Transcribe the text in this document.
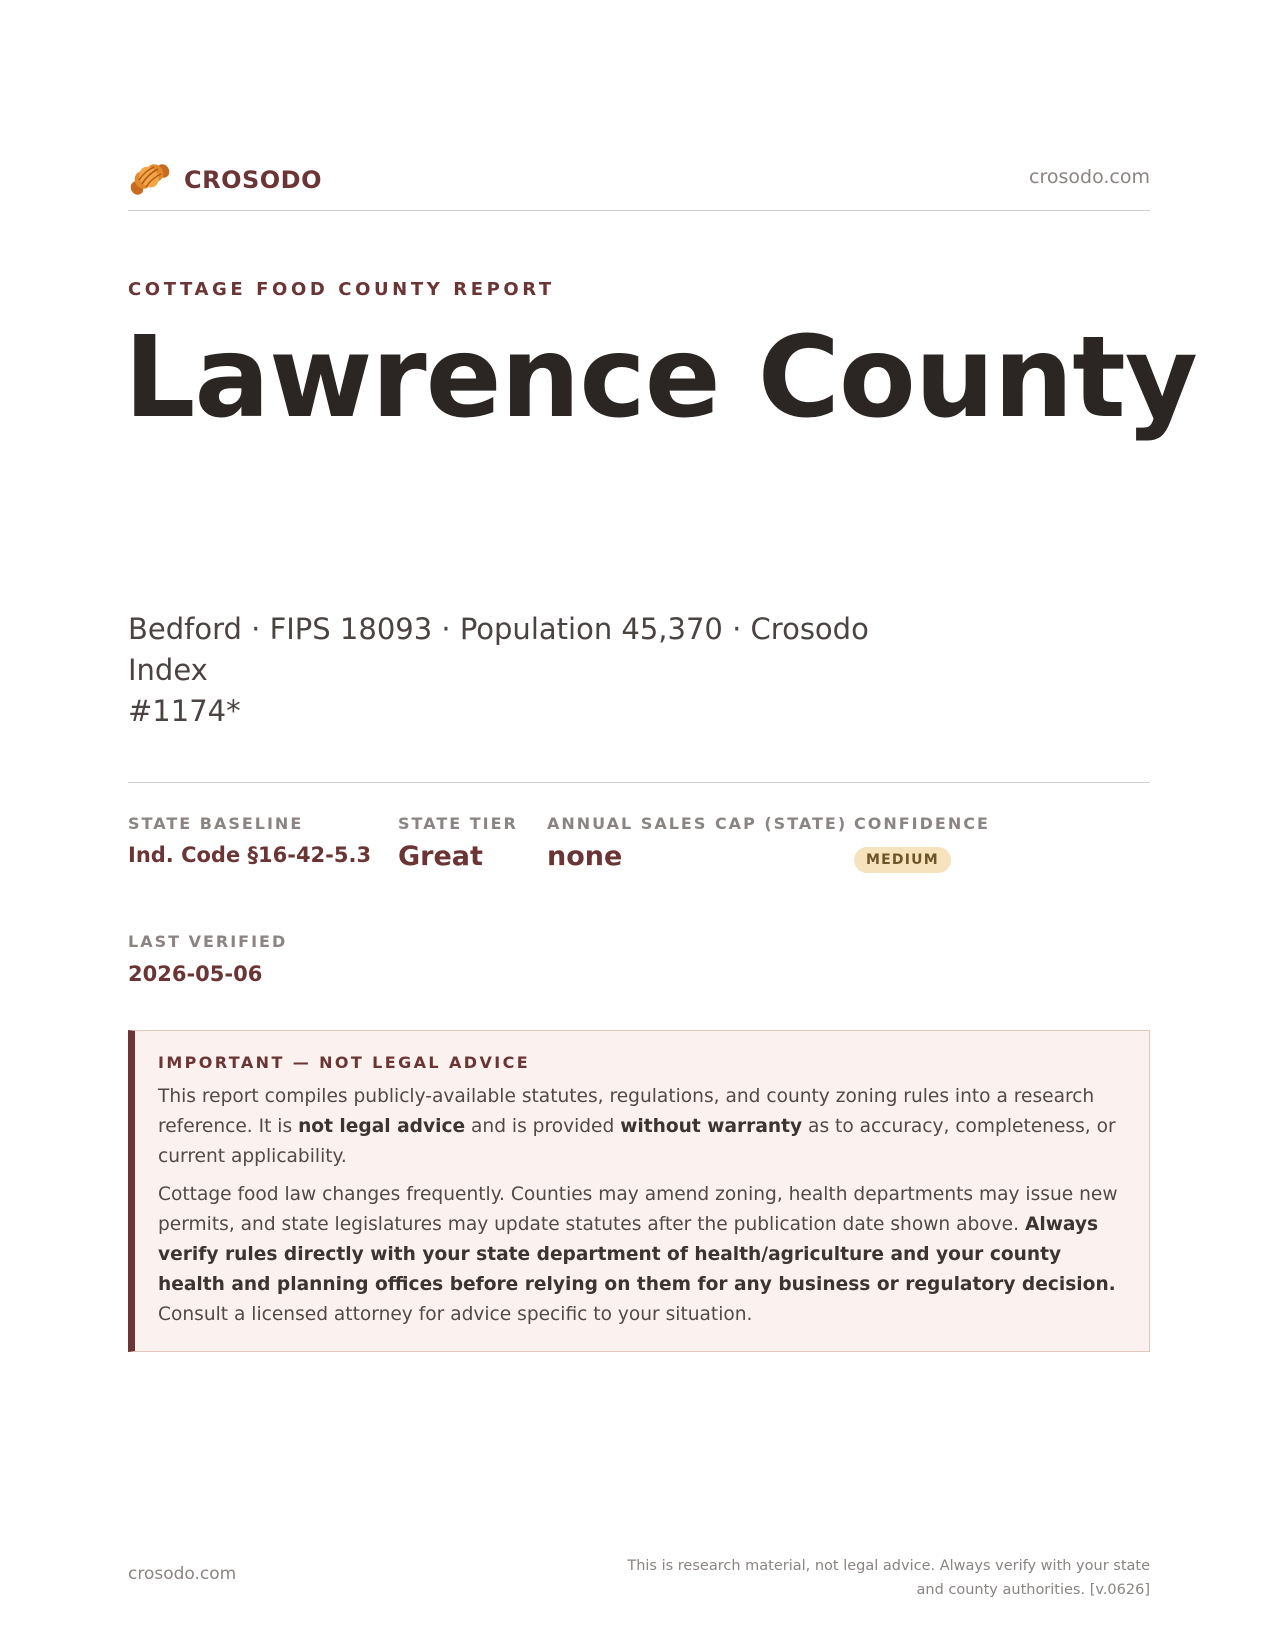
CROSODO	crosodo.com
COTTAGE FOOD COUNTY REPORT
Lawrence County
Bedford · FIPS 18093 · Population 45,370 · Crosodo Index
#1174*
STATE BASELINE
Ind. Code §16-42-5.3
STATE TIER
Great
ANNUAL SALES CAP (STATE)
none
CONFIDENCE
MEDIUM
LAST VERIFIED
2026-05-06
IMPORTANT — NOT LEGAL ADVICE

This report compiles publicly-available statutes, regulations, and county zoning rules into a research reference. It is not legal advice and is provided without warranty as to accuracy, completeness, or current applicability.

Cottage food law changes frequently. Counties may amend zoning, health departments may issue new permits, and state legislatures may update statutes after the publication date shown above. Always verify rules directly with your state department of health/agriculture and your county health and planning offices before relying on them for any business or regulatory decision. Consult a licensed attorney for advice specific to your situation.

crosodo.com	This is research material, not legal advice. Always verify with your state
and county authorities. [v.0626]
